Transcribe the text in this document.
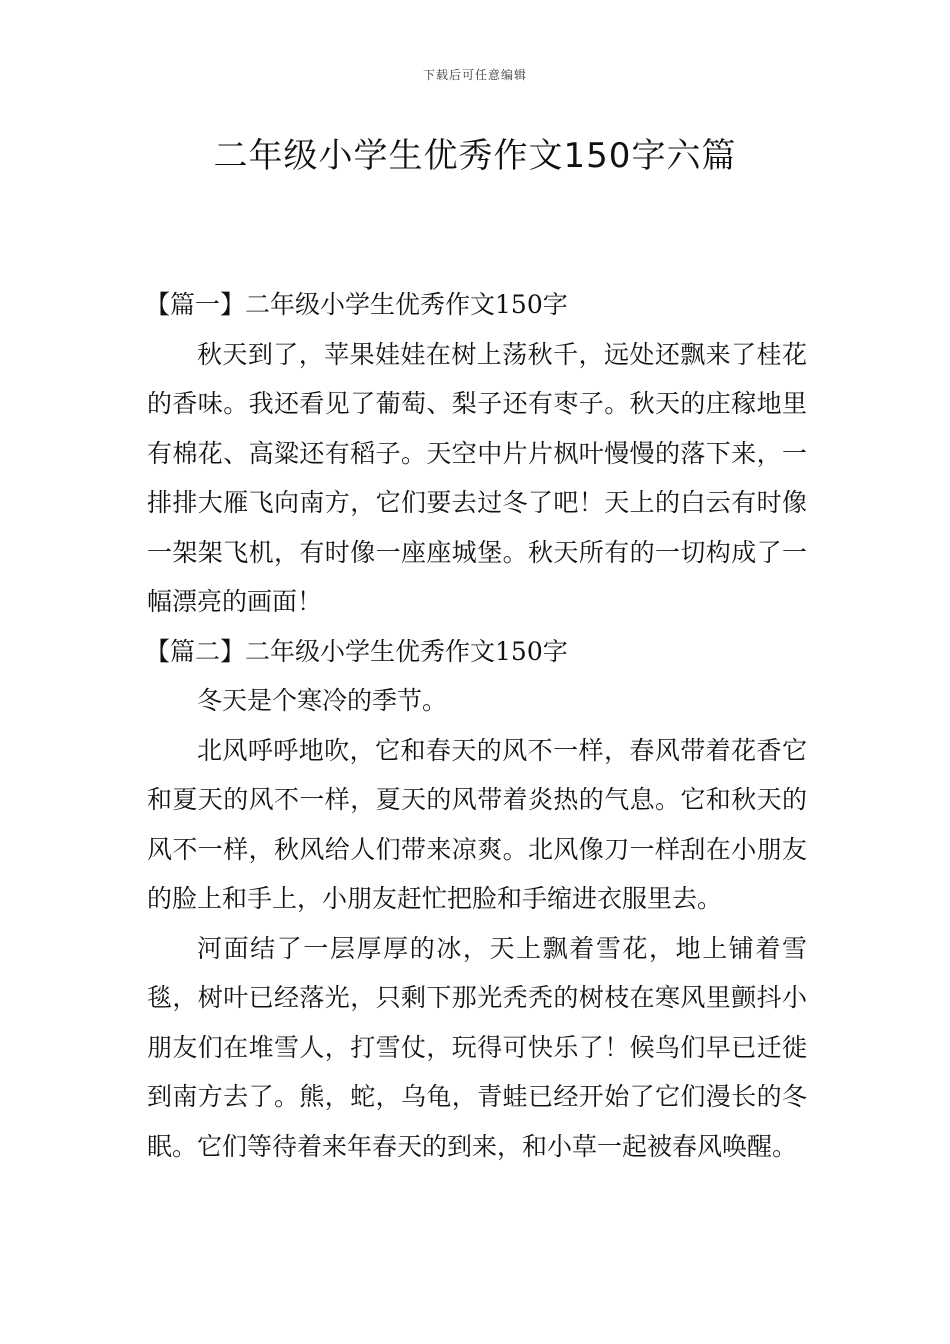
下载后可任意编辑
二年级小学生优秀作文150字六篇

【篇一】二年级小学生优秀作文150字

秋天到了，苹果娃娃在树上荡秋千，远处还飘来了桂花的香味。我还看见了葡萄、梨子还有枣子。秋天的庄稼地里有棉花、高粱还有稻子。天空中片片枫叶慢慢的落下来，一排排大雁飞向南方，它们要去过冬了吧！天上的白云有时像一架架飞机，有时像一座座城堡。秋天所有的一切构成了一幅漂亮的画面！

【篇二】二年级小学生优秀作文150字

冬天是个寒冷的季节。

北风呼呼地吹，它和春天的风不一样，春风带着花香它和夏天的风不一样，夏天的风带着炎热的气息。它和秋天的风不一样，秋风给人们带来凉爽。北风像刀一样刮在小朋友的脸上和手上，小朋友赶忙把脸和手缩进衣服里去。

河面结了一层厚厚的冰，天上飘着雪花，地上铺着雪毯，树叶已经落光，只剩下那光秃秃的树枝在寒风里颤抖小朋友们在堆雪人，打雪仗，玩得可快乐了！候鸟们早已迁徙到南方去了。熊，蛇，乌龟，青蛙已经开始了它们漫长的冬眠。它们等待着来年春天的到来，和小草一起被春风唤醒。
